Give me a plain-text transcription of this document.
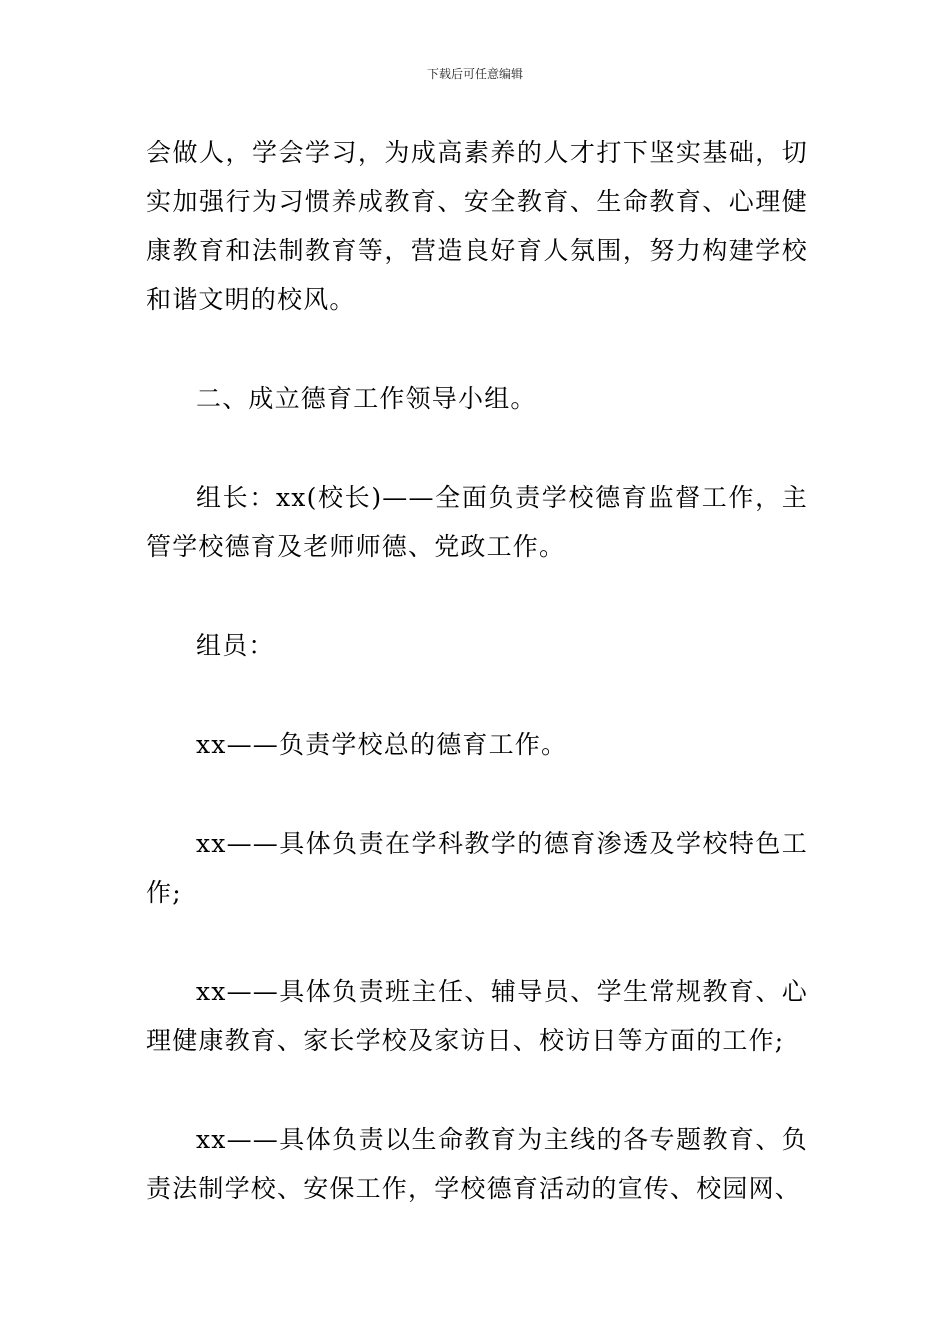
下载后可任意编辑

会做人，学会学习，为成高素养的人才打下坚实基础，切实加强行为习惯养成教育、安全教育、生命教育、心理健康教育和法制教育等，营造良好育人氛围，努力构建学校和谐文明的校风。

二、成立德育工作领导小组。

组长：xx(校长)——全面负责学校德育监督工作，主管学校德育及老师师德、党政工作。

组员：

xx——负责学校总的德育工作。

xx——具体负责在学科教学的德育渗透及学校特色工作;

xx——具体负责班主任、辅导员、学生常规教育、心理健康教育、家长学校及家访日、校访日等方面的工作;

xx——具体负责以生命教育为主线的各专题教育、负责法制学校、安保工作，学校德育活动的宣传、校园网、
